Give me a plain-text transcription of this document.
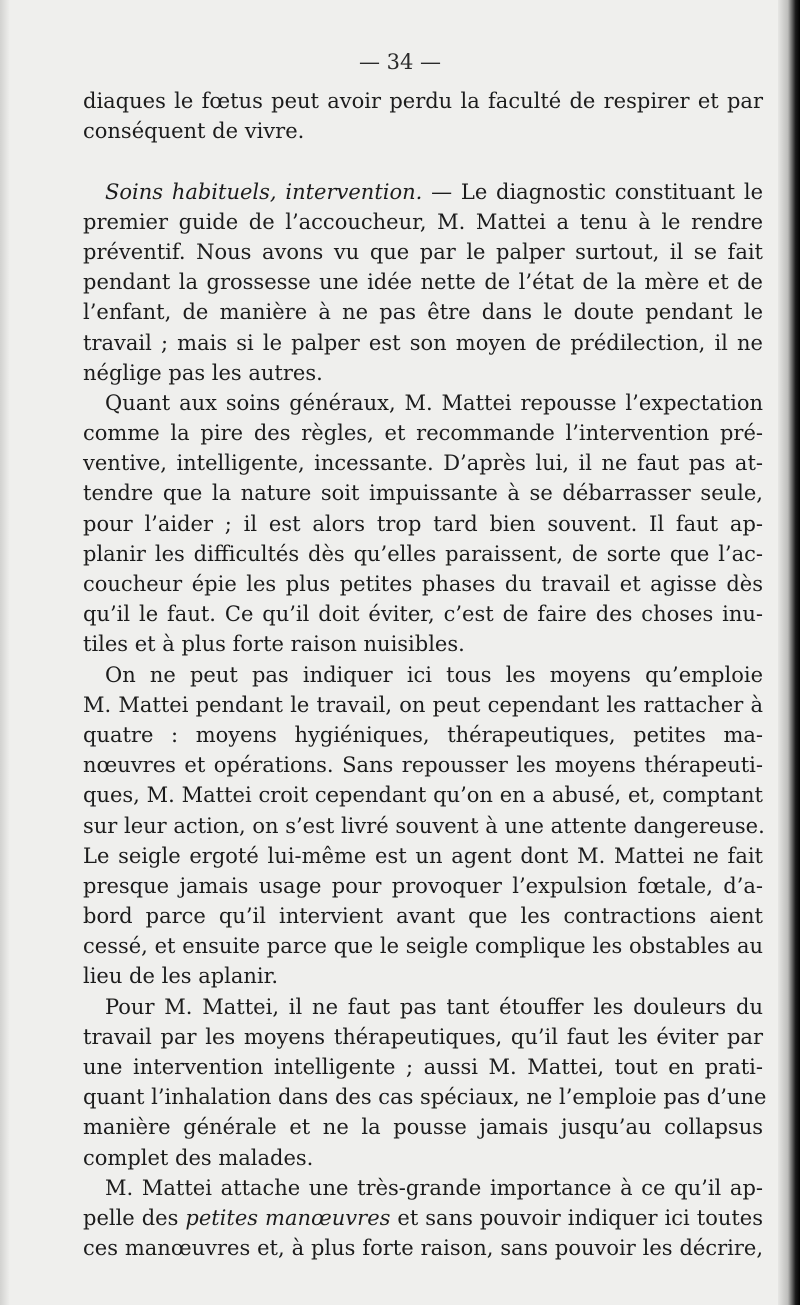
— 34 —
diaques le fœtus peut avoir perdu la faculté de respirer et par
conséquent de vivre.
Soins habituels, intervention. — Le diagnostic constituant le
premier guide de l’accoucheur, M. Mattei a tenu à le rendre
préventif. Nous avons vu que par le palper surtout, il se fait
pendant la grossesse une idée nette de l’état de la mère et de
l’enfant, de manière à ne pas être dans le doute pendant le
travail ; mais si le palper est son moyen de prédilection, il ne
néglige pas les autres.
Quant aux soins généraux, M. Mattei repousse l’expectation
comme la pire des règles, et recommande l’intervention pré-
ventive, intelligente, incessante. D’après lui, il ne faut pas at-
tendre que la nature soit impuissante à se débarrasser seule,
pour l’aider ; il est alors trop tard bien souvent. Il faut ap-
planir les difficultés dès qu’elles paraissent, de sorte que l’ac-
coucheur épie les plus petites phases du travail et agisse dès
qu’il le faut. Ce qu’il doit éviter, c’est de faire des choses inu-
tiles et à plus forte raison nuisibles.
On ne peut pas indiquer ici tous les moyens qu’emploie
M. Mattei pendant le travail, on peut cependant les rattacher à
quatre : moyens hygiéniques, thérapeutiques, petites ma-
nœuvres et opérations. Sans repousser les moyens thérapeuti-
ques, M. Mattei croit cependant qu’on en a abusé, et, comptant
sur leur action, on s’est livré souvent à une attente dangereuse.
Le seigle ergoté lui-même est un agent dont M. Mattei ne fait
presque jamais usage pour provoquer l’expulsion fœtale, d’a-
bord parce qu’il intervient avant que les contractions aient
cessé, et ensuite parce que le seigle complique les obstables au
lieu de les aplanir.
Pour M. Mattei, il ne faut pas tant étouffer les douleurs du
travail par les moyens thérapeutiques, qu’il faut les éviter par
une intervention intelligente ; aussi M. Mattei, tout en prati-
quant l’inhalation dans des cas spéciaux, ne l’emploie pas d’une
manière générale et ne la pousse jamais jusqu’au collapsus
complet des malades.
M. Mattei attache une très-grande importance à ce qu’il ap-
pelle des petites manœuvres et sans pouvoir indiquer ici toutes
ces manœuvres et, à plus forte raison, sans pouvoir les décrire,
